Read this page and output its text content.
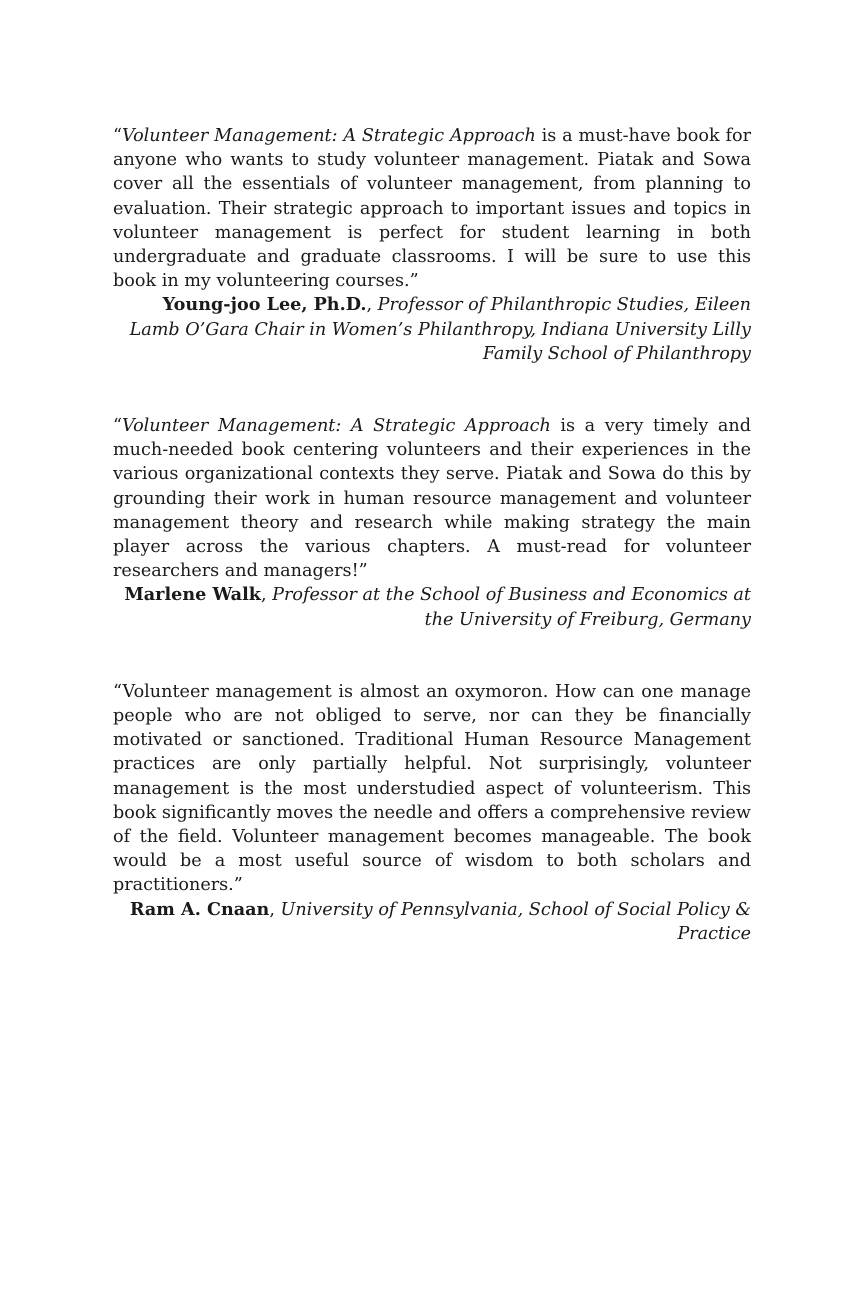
“Volunteer Management: A Strategic Approach is a must-have book for anyone who wants to study volunteer management. Piatak and Sowa cover all the essentials of volunteer management, from planning to evaluation. Their strategic approach to important issues and topics in volunteer management is perfect for student learning in both undergraduate and graduate classrooms. I will be sure to use this book in my volunteering courses.”

Young-joo Lee, Ph.D., Professor of Philanthropic Studies, Eileen Lamb O’Gara Chair in Women’s Philanthropy, Indiana University Lilly Family School of Philanthropy

“Volunteer Management: A Strategic Approach is a very timely and much-needed book centering volunteers and their experiences in the various organizational contexts they serve. Piatak and Sowa do this by grounding their work in human resource management and volunteer management theory and research while making strategy the main player across the various chapters. A must-read for volunteer researchers and managers!”

Marlene Walk, Professor at the School of Business and Economics at the University of Freiburg, Germany

“Volunteer management is almost an oxymoron. How can one manage people who are not obliged to serve, nor can they be financially motivated or sanctioned. Traditional Human Resource Management practices are only partially helpful. Not surprisingly, volunteer management is the most understudied aspect of volunteerism. This book significantly moves the needle and offers a comprehensive review of the field. Volunteer management becomes manageable. The book would be a most useful source of wisdom to both scholars and practitioners.”

Ram A. Cnaan, University of Pennsylvania, School of Social Policy & Practice
